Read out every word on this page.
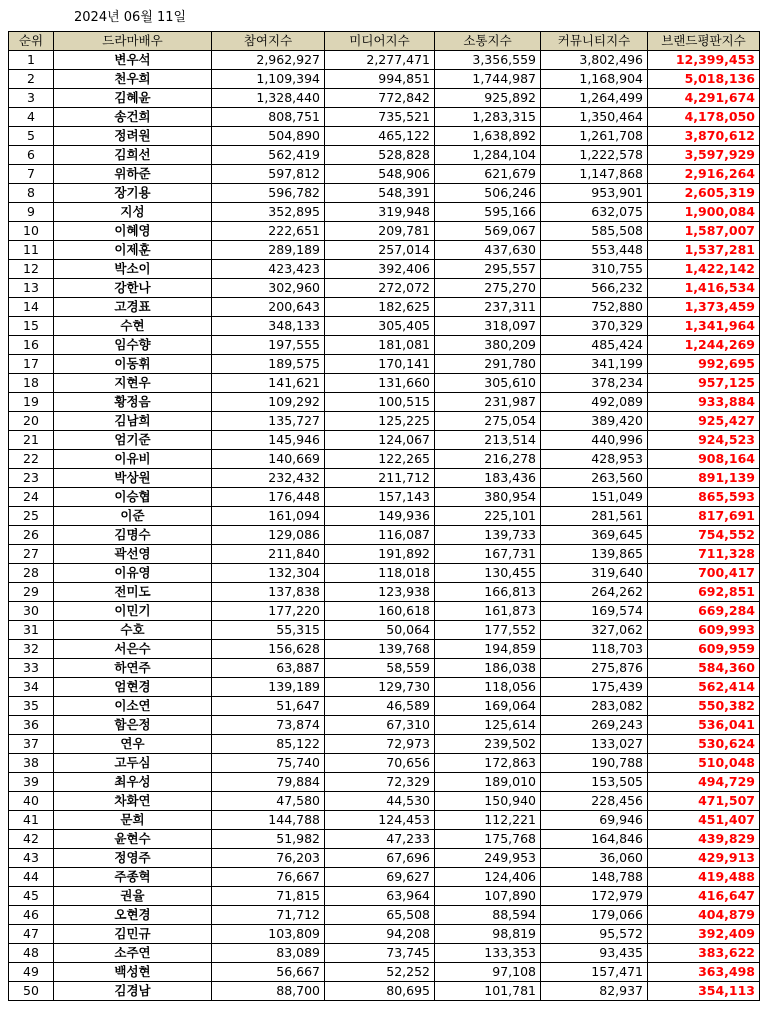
2024년 06월 11일
순위	드라마배우	참여지수	미디어지수	소통지수	커뮤니티지수	브랜드평판지수
1	변우석	2,962,927	2,277,471	3,356,559	3,802,496	12,399,453
2	천우희	1,109,394	994,851	1,744,987	1,168,904	5,018,136
3	김혜윤	1,328,440	772,842	925,892	1,264,499	4,291,674
4	송건희	808,751	735,521	1,283,315	1,350,464	4,178,050
5	정려원	504,890	465,122	1,638,892	1,261,708	3,870,612
6	김희선	562,419	528,828	1,284,104	1,222,578	3,597,929
7	위하준	597,812	548,906	621,679	1,147,868	2,916,264
8	장기용	596,782	548,391	506,246	953,901	2,605,319
9	지성	352,895	319,948	595,166	632,075	1,900,084
10	이혜영	222,651	209,781	569,067	585,508	1,587,007
11	이제훈	289,189	257,014	437,630	553,448	1,537,281
12	박소이	423,423	392,406	295,557	310,755	1,422,142
13	강한나	302,960	272,072	275,270	566,232	1,416,534
14	고경표	200,643	182,625	237,311	752,880	1,373,459
15	수현	348,133	305,405	318,097	370,329	1,341,964
16	임수향	197,555	181,081	380,209	485,424	1,244,269
17	이동휘	189,575	170,141	291,780	341,199	992,695
18	지현우	141,621	131,660	305,610	378,234	957,125
19	황정음	109,292	100,515	231,987	492,089	933,884
20	김남희	135,727	125,225	275,054	389,420	925,427
21	엄기준	145,946	124,067	213,514	440,996	924,523
22	이유비	140,669	122,265	216,278	428,953	908,164
23	박상원	232,432	211,712	183,436	263,560	891,139
24	이승협	176,448	157,143	380,954	151,049	865,593
25	이준	161,094	149,936	225,101	281,561	817,691
26	김명수	129,086	116,087	139,733	369,645	754,552
27	곽선영	211,840	191,892	167,731	139,865	711,328
28	이유영	132,304	118,018	130,455	319,640	700,417
29	전미도	137,838	123,938	166,813	264,262	692,851
30	이민기	177,220	160,618	161,873	169,574	669,284
31	수호	55,315	50,064	177,552	327,062	609,993
32	서은수	156,628	139,768	194,859	118,703	609,959
33	하연주	63,887	58,559	186,038	275,876	584,360
34	엄현경	139,189	129,730	118,056	175,439	562,414
35	이소연	51,647	46,589	169,064	283,082	550,382
36	함은정	73,874	67,310	125,614	269,243	536,041
37	연우	85,122	72,973	239,502	133,027	530,624
38	고두심	75,740	70,656	172,863	190,788	510,048
39	최우성	79,884	72,329	189,010	153,505	494,729
40	차화연	47,580	44,530	150,940	228,456	471,507
41	문희	144,788	124,453	112,221	69,946	451,407
42	윤현수	51,982	47,233	175,768	164,846	439,829
43	정영주	76,203	67,696	249,953	36,060	429,913
44	주종혁	76,667	69,627	124,406	148,788	419,488
45	권율	71,815	63,964	107,890	172,979	416,647
46	오현경	71,712	65,508	88,594	179,066	404,879
47	김민규	103,809	94,208	98,819	95,572	392,409
48	소주연	83,089	73,745	133,353	93,435	383,622
49	백성현	56,667	52,252	97,108	157,471	363,498
50	김경남	88,700	80,695	101,781	82,937	354,113
